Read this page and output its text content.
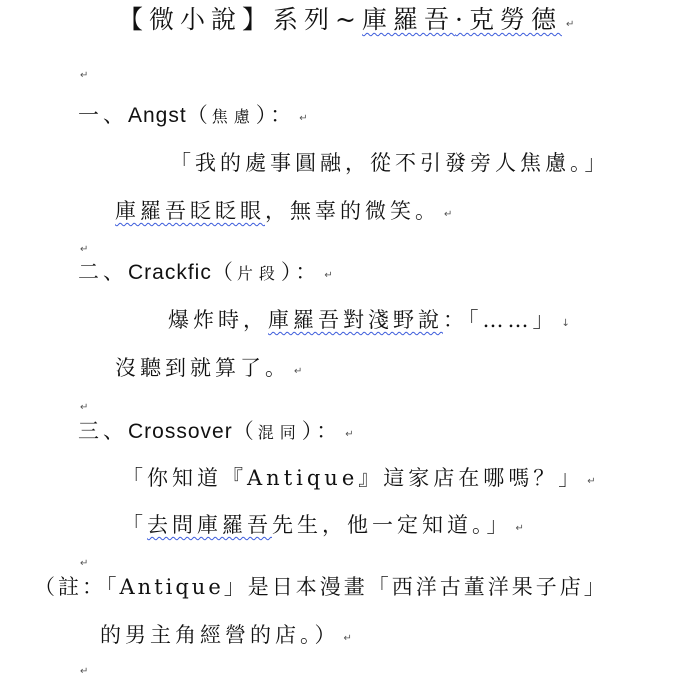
【微小說】系列~庫羅吾·克勞德 ↵
↵
一、Angst（焦慮）： ↵
「我的處事圓融，從不引發旁人焦慮。」
庫羅吾眨眨眼，無辜的微笑。 ↵
↵
二、Crackfic（片段）： ↵
爆炸時，庫羅吾對淺野說：「……」 ↓
沒聽到就算了。 ↵
↵
三、Crossover（混同）： ↵
「你知道『Antique』這家店在哪嗎？」 ↵
「去問庫羅吾先生，他一定知道。」 ↵
↵
（註：「Antique」是日本漫畫「西洋古董洋果子店」
的男主角經營的店。） ↵
↵
